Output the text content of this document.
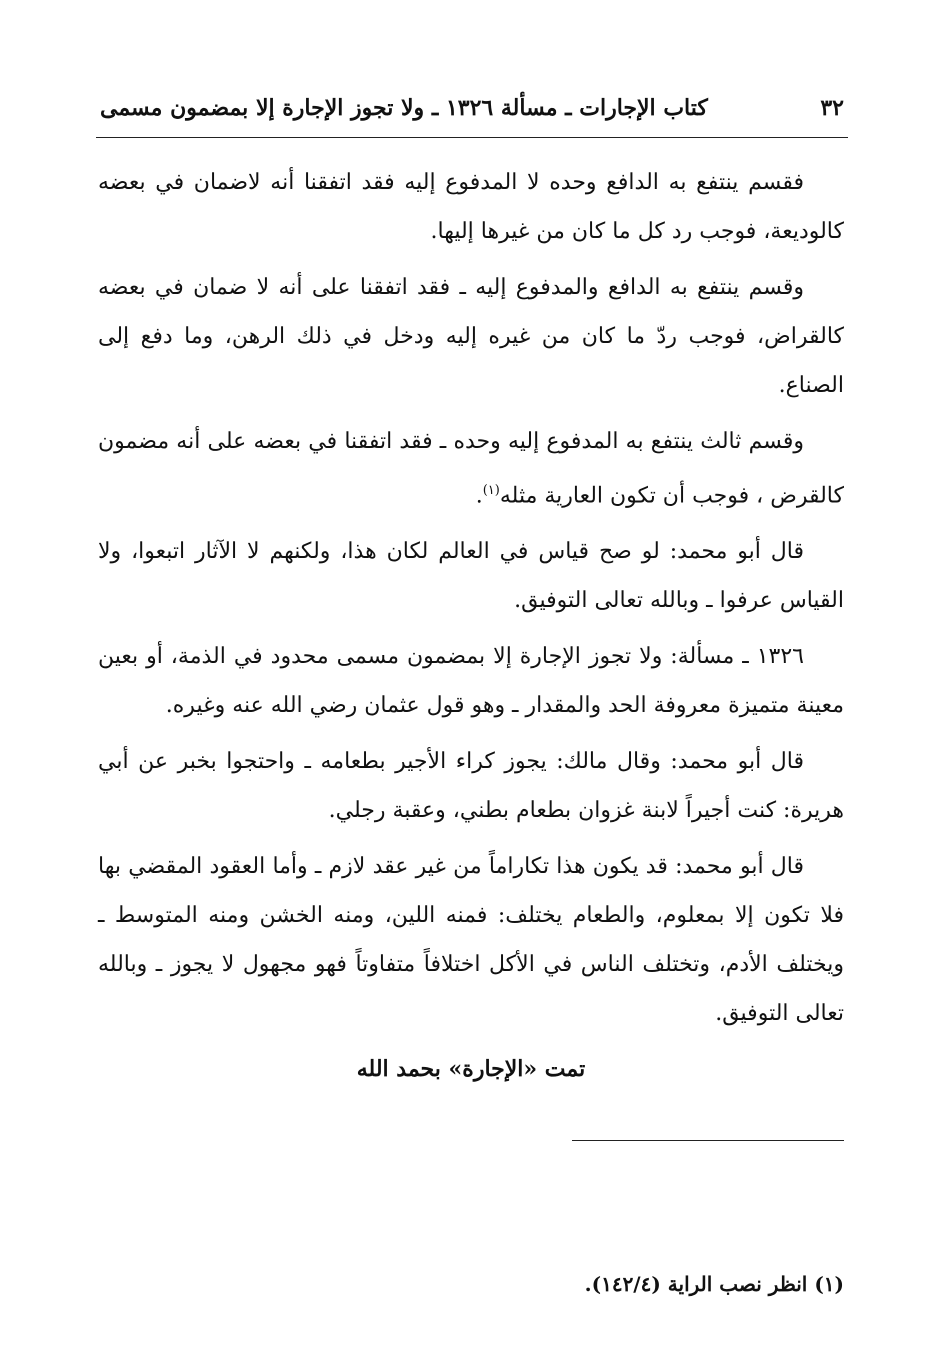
٣٢
كتاب الإجارات ـ مسألة ١٣٢٦ ـ ولا تجوز الإجارة إلا بمضمون مسمى

فقسم ينتفع به الدافع وحده لا المدفوع إليه فقد اتفقنا أنه لاضمان في بعضه كالوديعة، فوجب رد كل ما كان من غيرها إليها.

وقسم ينتفع به الدافع والمدفوع إليه ـ فقد اتفقنا على أنه لا ضمان في بعضه كالقراض، فوجب ردّ ما كان من غيره إليه ودخل في ذلك الرهن، وما دفع إلى الصناع.

وقسم ثالث ينتفع به المدفوع إليه وحده ـ فقد اتفقنا في بعضه على أنه مضمون كالقرض ، فوجب أن تكون العارية مثله$^{(١)}$.

قال أبو محمد: لو صح قياس في العالم لكان هذا، ولكنهم لا الآثار اتبعوا، ولا القياس عرفوا ـ وبالله تعالى التوفيق.

١٣٢٦ ـ مسألة: ولا تجوز الإجارة إلا بمضمون مسمى محدود في الذمة، أو بعين معينة متميزة معروفة الحد والمقدار ـ وهو قول عثمان رضي الله عنه وغيره.

قال أبو محمد: وقال مالك: يجوز كراء الأجير بطعامه ـ واحتجوا بخبر عن أبي هريرة: كنت أجيراً لابنة غزوان بطعام بطني، وعقبة رجلي.

قال أبو محمد: قد يكون هذا تكاراماً من غير عقد لازم ـ وأما العقود المقضي بها فلا تكون إلا بمعلوم، والطعام يختلف: فمنه اللين، ومنه الخشن ومنه المتوسط ـ ويختلف الأدم، وتختلف الناس في الأكل اختلافاً متفاوتاً فهو مجهول لا يجوز ـ وبالله تعالى التوفيق.

تمت «الإجارة» بحمد الله
(١) انظر نصب الراية (١٤٢/٤).
